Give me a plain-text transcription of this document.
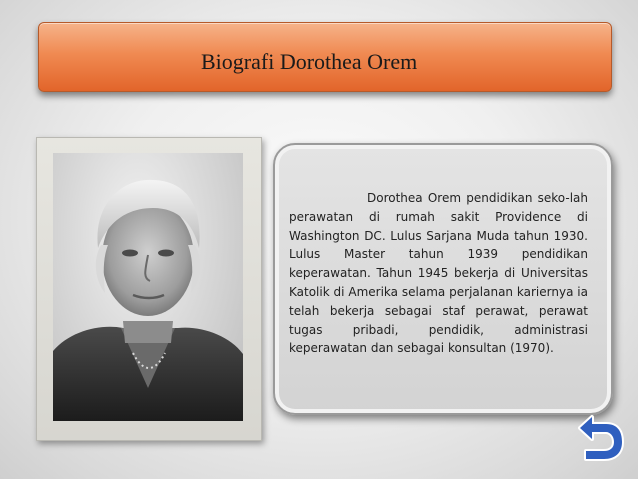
Biografi Dorothea Orem
Dorothea Orem pendidikan seko-lah perawatan di rumah sakit Providence di Washington DC. Lulus Sarjana Muda tahun 1930. Lulus Master tahun 1939 pendidikan keperawatan. Tahun 1945 bekerja di Universitas Katolik di Amerika selama perjalanan kariernya ia telah bekerja sebagai staf perawat, perawat tugas pribadi, pendidik, administrasi keperawatan dan sebagai konsultan (1970).
